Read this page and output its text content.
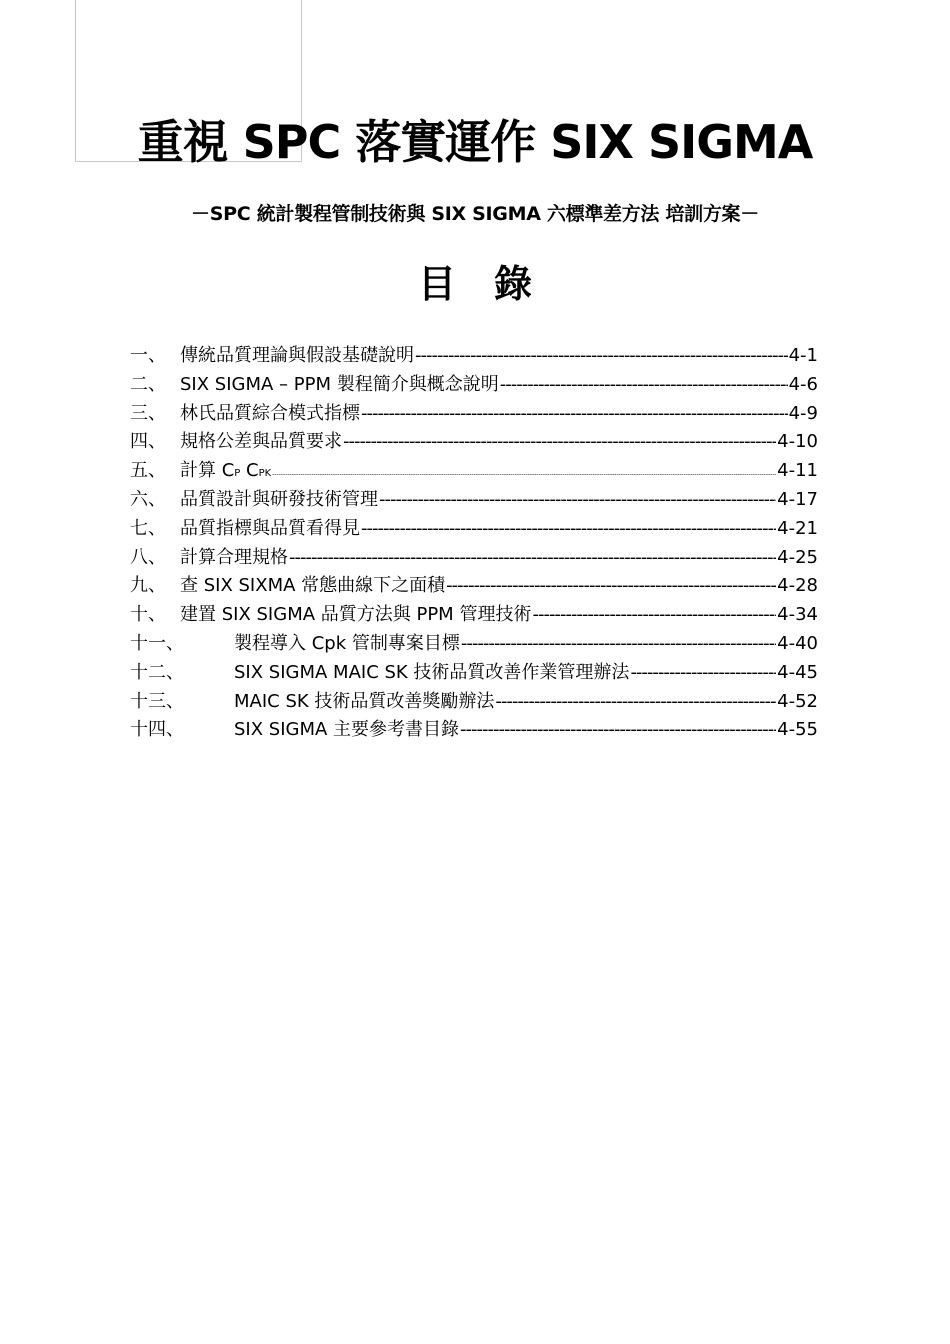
重視 SPC 落實運作 SIX SIGMA
－SPC 統計製程管制技術與 SIX SIGMA 六標準差方法 培訓方案－
目 錄
一、 傳統品質理論與假設基礎說明 -----	4-1
二、 SIX SIGMA – PPM 製程簡介與概念說明 -----	4-6
三、 林氏品質綜合模式指標 -----	4-9
四、 規格公差與品質要求 -----	4-10
五、 計算 CP CPK -----	4-11
六、 品質設計與研發技術管理 -----	4-17
七、 品質指標與品質看得見 -----	4-21
八、 計算合理規格 -----	4-25
九、 查 SIX SIXMA 常態曲線下之面積 -----	4-28
十、 建置 SIX SIGMA 品質方法與 PPM 管理技術 -----	4-34
十一、	製程導入 Cpk 管制專案目標 -----	4-40
十二、	SIX SIGMA MAIC SK 技術品質改善作業管理辦法 -----	4-45
十三、	MAIC SK 技術品質改善獎勵辦法 -----	4-52
十四、	SIX SIGMA 主要參考書目錄 -----	4-55
